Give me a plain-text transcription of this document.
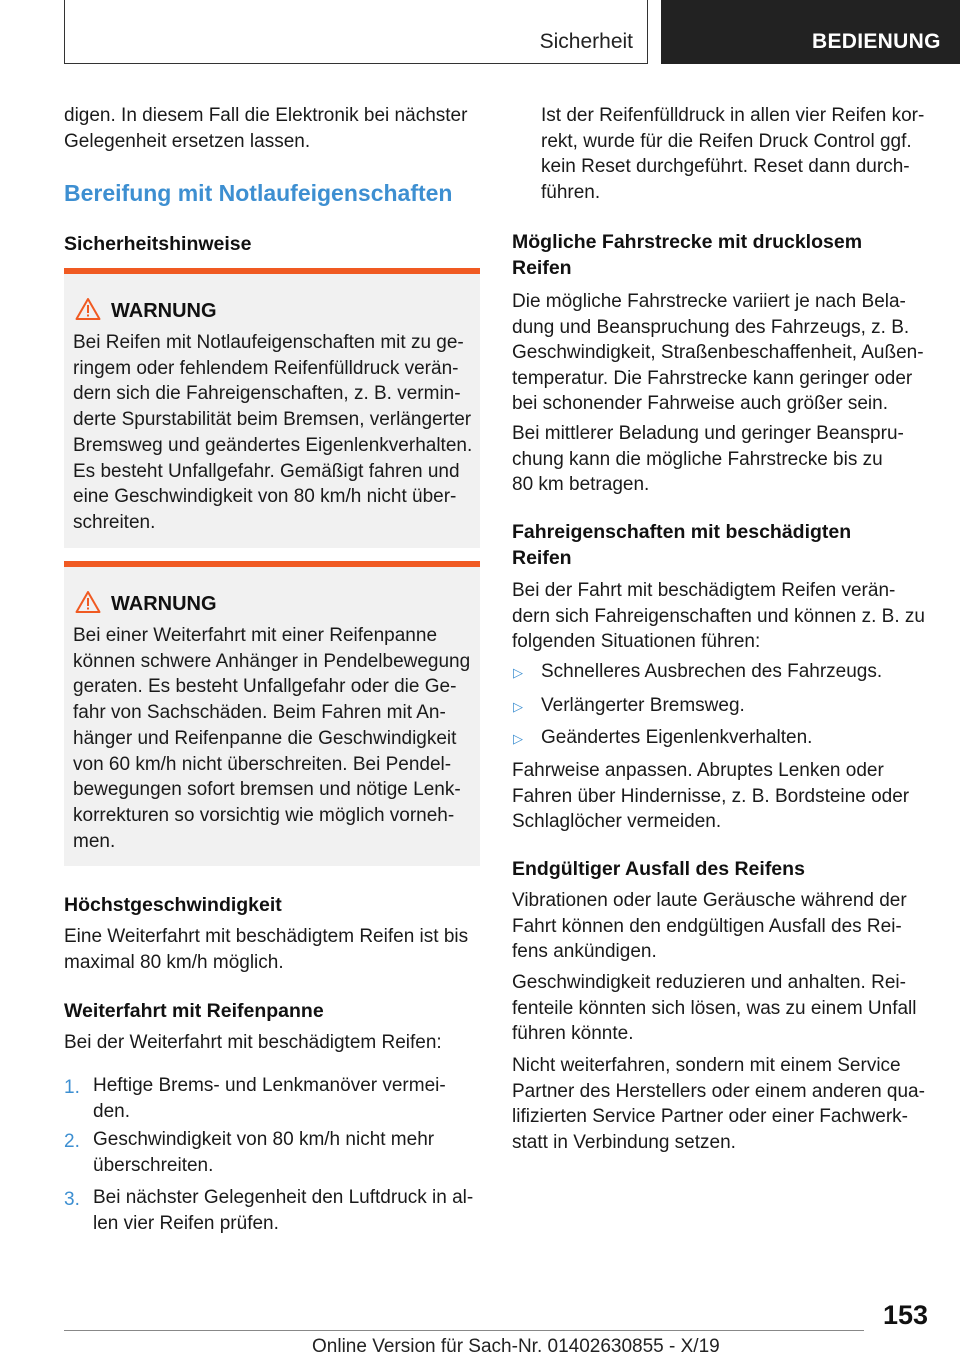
Sicherheit	BEDIENUNG
digen. In diesem Fall die Elektronik bei nächster
Gelegenheit ersetzen lassen.
Bereifung mit Notlaufeigenschaften
Sicherheitshinweise
WARNUNG
Bei Reifen mit Notlaufeigenschaften mit zu ge‐
ringem oder fehlendem Reifenfülldruck verän‐
dern sich die Fahreigenschaften, z. B. vermin‐
derte Spurstabilität beim Bremsen, verlängerter
Bremsweg und geändertes Eigenlenkverhalten.
Es besteht Unfallgefahr. Gemäßigt fahren und
eine Geschwindigkeit von 80 km/h nicht über‐
schreiten.
WARNUNG
Bei einer Weiterfahrt mit einer Reifenpanne
können schwere Anhänger in Pendelbewegung
geraten. Es besteht Unfallgefahr oder die Ge‐
fahr von Sachschäden. Beim Fahren mit An‐
hänger und Reifenpanne die Geschwindigkeit
von 60 km/h nicht überschreiten. Bei Pendel‐
bewegungen sofort bremsen und nötige Lenk‐
korrekturen so vorsichtig wie möglich vorneh‐
men.
Höchstgeschwindigkeit
Eine Weiterfahrt mit beschädigtem Reifen ist bis
maximal 80 km/h möglich.
Weiterfahrt mit Reifenpanne
Bei der Weiterfahrt mit beschädigtem Reifen:
1. Heftige Brems- und Lenkmanöver vermei‐
den.
2. Geschwindigkeit von 80 km/h nicht mehr
überschreiten.
3. Bei nächster Gelegenheit den Luftdruck in al‐
len vier Reifen prüfen.
Ist der Reifenfülldruck in allen vier Reifen kor‐
rekt, wurde für die Reifen Druck Control ggf.
kein Reset durchgeführt. Reset dann durch‐
führen.
Mögliche Fahrstrecke mit drucklosem
Reifen
Die mögliche Fahrstrecke variiert je nach Bela‐
dung und Beanspruchung des Fahrzeugs, z. B.
Geschwindigkeit, Straßenbeschaffenheit, Außen‐
temperatur. Die Fahrstrecke kann geringer oder
bei schonender Fahrweise auch größer sein.
Bei mittlerer Beladung und geringer Beanspru‐
chung kann die mögliche Fahrstrecke bis zu
80 km betragen.
Fahreigenschaften mit beschädigten
Reifen
Bei der Fahrt mit beschädigtem Reifen verän‐
dern sich Fahreigenschaften und können z. B. zu
folgenden Situationen führen:
▷ Schnelleres Ausbrechen des Fahrzeugs.
▷ Verlängerter Bremsweg.
▷ Geändertes Eigenlenkverhalten.
Fahrweise anpassen. Abruptes Lenken oder
Fahren über Hindernisse, z. B. Bordsteine oder
Schlaglöcher vermeiden.
Endgültiger Ausfall des Reifens
Vibrationen oder laute Geräusche während der
Fahrt können den endgültigen Ausfall des Rei‐
fens ankündigen.
Geschwindigkeit reduzieren und anhalten. Rei‐
fenteile könnten sich lösen, was zu einem Unfall
führen könnte.
Nicht weiterfahren, sondern mit einem Service
Partner des Herstellers oder einem anderen qua‐
lifizierten Service Partner oder einer Fachwerk‐
statt in Verbindung setzen.
153
Online Version für Sach-Nr. 01402630855 - X/19
